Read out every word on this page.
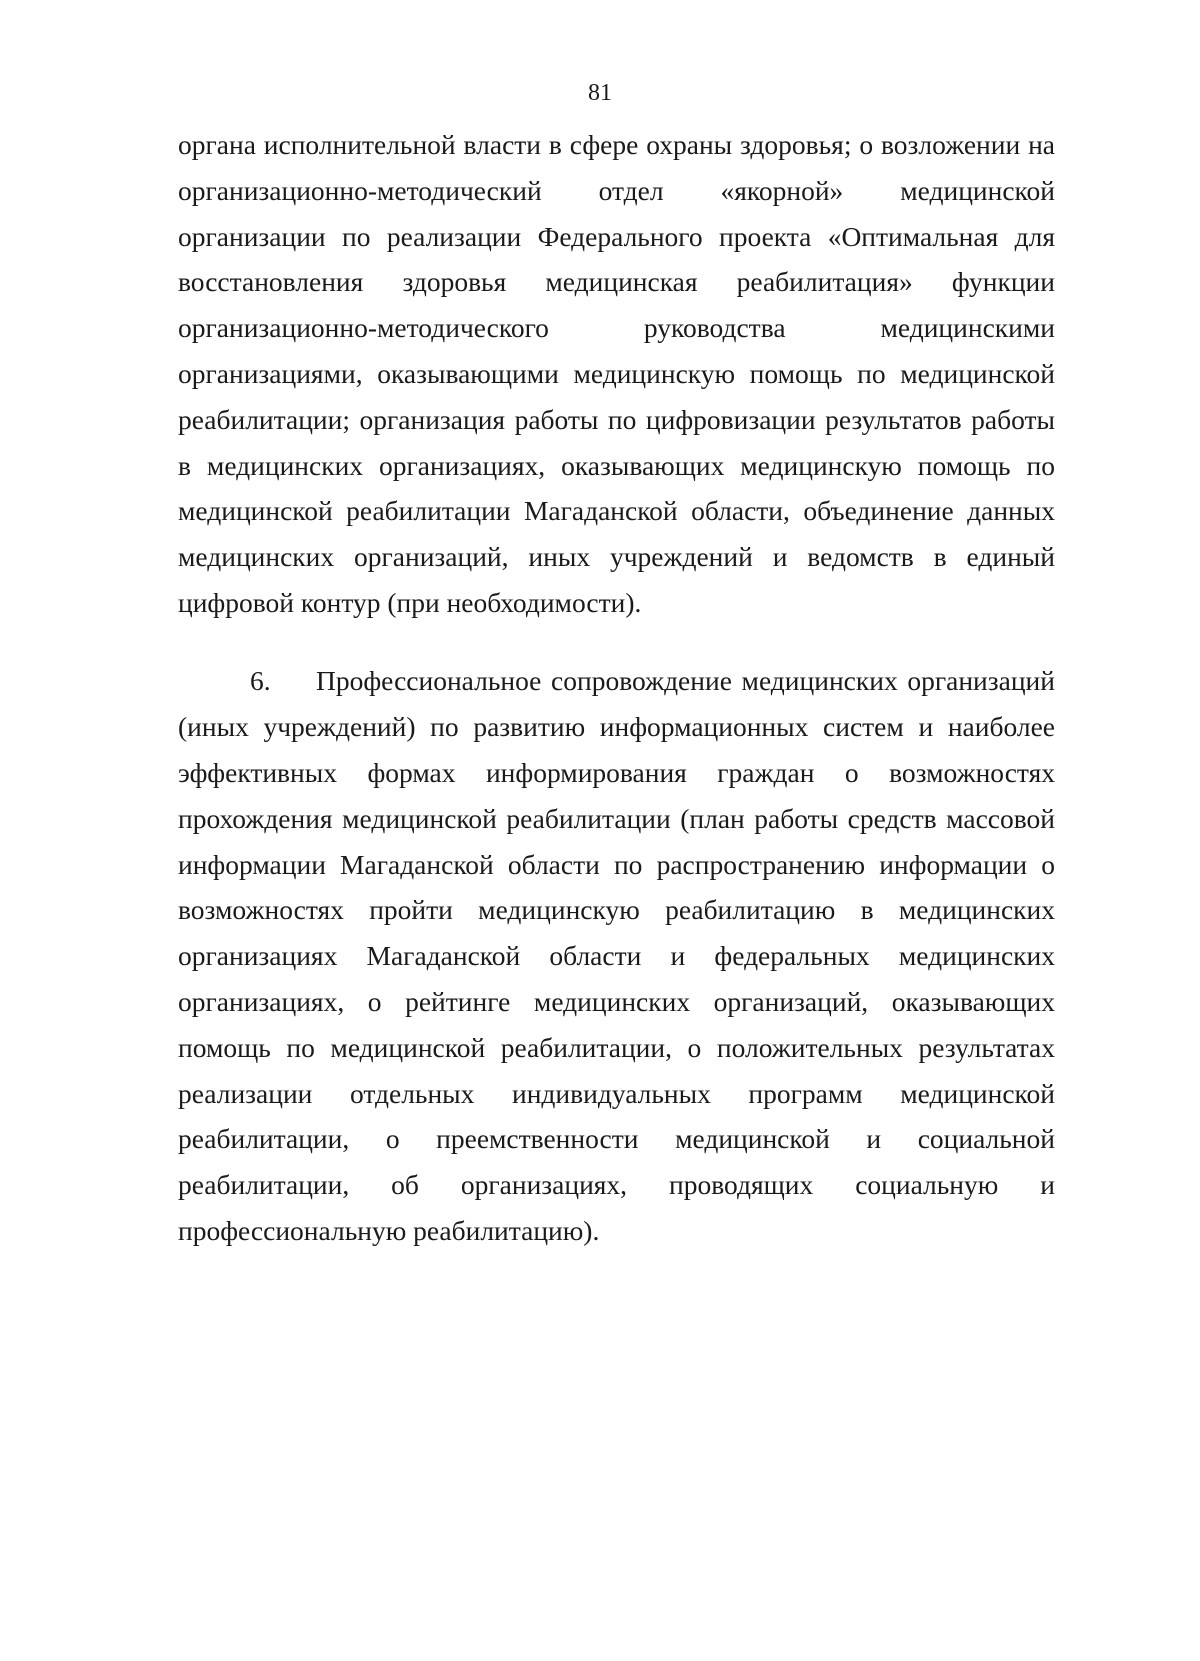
81
органа исполнительной власти в сфере охраны здоровья; о возложении на
организационно-методический отдел «якорной» медицинской
организации по реализации Федерального проекта «Оптимальная для
восстановления здоровья медицинская реабилитация» функции
организационно-методического руководства медицинскими
организациями, оказывающими медицинскую помощь по медицинской
реабилитации; организация работы по цифровизации результатов работы
в медицинских организациях, оказывающих медицинскую помощь по
медицинской реабилитации Магаданской области, объединение данных
медицинских организаций, иных учреждений и ведомств в единый
цифровой контур (при необходимости).
6. Профессиональное сопровождение медицинских организаций
(иных учреждений) по развитию информационных систем и наиболее
эффективных формах информирования граждан о возможностях
прохождения медицинской реабилитации (план работы средств массовой
информации Магаданской области по распространению информации о
возможностях пройти медицинскую реабилитацию в медицинских
организациях Магаданской области и федеральных медицинских
организациях, о рейтинге медицинских организаций, оказывающих
помощь по медицинской реабилитации, о положительных результатах
реализации отдельных индивидуальных программ медицинской
реабилитации, о преемственности медицинской и социальной
реабилитации, об организациях, проводящих социальную и
профессиональную реабилитацию).
